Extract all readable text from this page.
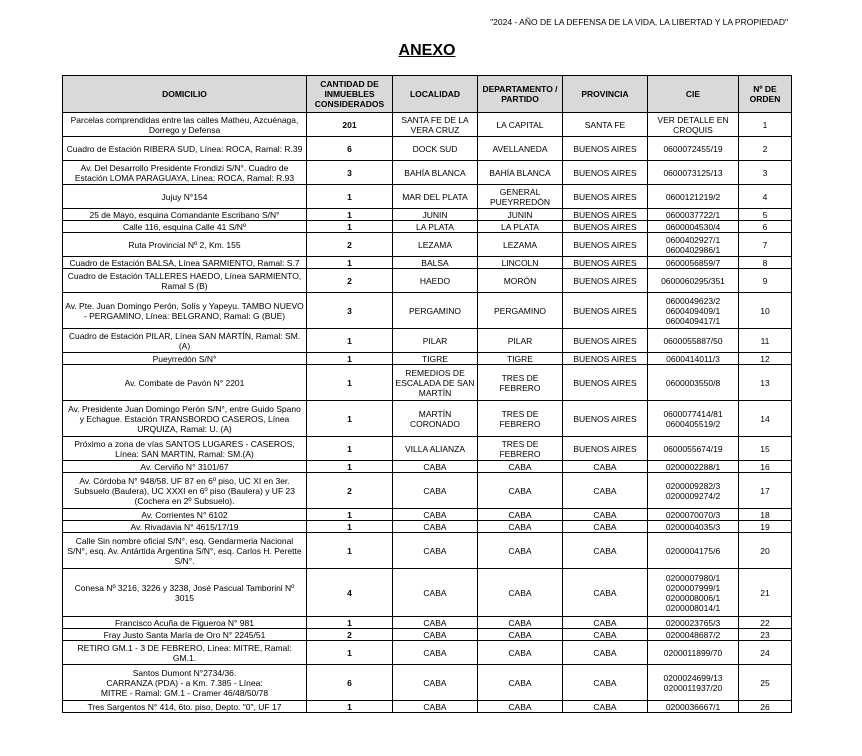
"2024 - AÑO DE LA DEFENSA DE LA VIDA, LA LIBERTAD Y LA PROPIEDAD"
ANEXO
DOMICILIO	CANTIDAD DE INMUEBLES CONSIDERADOS	LOCALIDAD	DEPARTAMENTO / PARTIDO	PROVINCIA	CIE	Nº DE ORDEN
Parcelas comprendidas entre las calles Matheu, Azcuénaga, Dorrego y Defensa	201	SANTA FE DE LA VERA CRUZ	LA CAPITAL	SANTA FE	VER DETALLE EN CROQUIS	1
Cuadro de Estación RIBERA SUD, Línea: ROCA, Ramal: R.39	6	DOCK SUD	AVELLANEDA	BUENOS AIRES	0600072455/19	2
Av. Del Desarrollo Presidente Frondizi S/N°. Cuadro de Estación LOMA PARAGUAYA, Línea: ROCA, Ramal: R.93	3	BAHÍA BLANCA	BAHÍA BLANCA	BUENOS AIRES	0600073125/13	3
Jujuy N°154	1	MAR DEL PLATA	GENERAL PUEYRREDÓN	BUENOS AIRES	0600121219/2	4
25 de Mayo, esquina Comandante Escribano S/N°	1	JUNIN	JUNIN	BUENOS AIRES	0600037722/1	5
Calle 116, esquina Calle 41 S/Nº	1	LA PLATA	LA PLATA	BUENOS AIRES	0600004530/4	6
Ruta Provincial Nº 2, Km. 155	2	LEZAMA	LEZAMA	BUENOS AIRES	0600402927/1
0600402986/1	7
Cuadro de Estación BALSA, Línea SARMIENTO, Ramal: S.7	1	BALSA	LINCOLN	BUENOS AIRES	0600056859/7	8
Cuadro de Estación TALLERES HAEDO, Línea SARMIENTO, Ramal S (B)	2	HAEDO	MORÓN	BUENOS AIRES	0600060295/351	9
Av. Pte. Juan Domingo Perón, Solís y Yapeyu. TAMBO NUEVO - PERGAMINO, Línea: BELGRANO, Ramal: G (BUE)	3	PERGAMINO	PERGAMINO	BUENOS AIRES	0600049623/2
0600409409/1
0600409417/1	10
Cuadro de Estación PILAR, Línea SAN MARTÍN, Ramal: SM.(A)	1	PILAR	PILAR	BUENOS AIRES	0600055887/50	11
Pueyrredón S/N°	1	TIGRE	TIGRE	BUENOS AIRES	0600414011/3	12
Av. Combate de Pavón N° 2201	1	REMEDIOS DE ESCALADA DE SAN MARTÍN	TRES DE FEBRERO	BUENOS AIRES	0600003550/8	13
Av. Presidente Juan Domingo Perón S/N°, entre Guido Spano y Echague. Estación TRANSBORDO CASEROS, Línea URQUIZA, Ramal: U. (A)	1	MARTÍN CORONADO	TRES DE FEBRERO	BUENOS AIRES	0600077414/81
0600405519/2	14
Próximo a zona de vías SANTOS LUGARES - CASEROS, Línea: SAN MARTIN, Ramal: SM.(A)	1	VILLA ALIANZA	TRES DE FEBRERO	BUENOS AIRES	0600055674/19	15
Av. Cerviño N° 3101/67	1	CABA	CABA	CABA	0200002288/1	16
Av. Córdoba N° 948/58. UF 87 en 6º piso, UC XI en 3er. Subsuelo (Baulera), UC XXXI en 6º piso (Baulera) y UF 23 (Cochera en 2º Subsuelo).	2	CABA	CABA	CABA	0200009282/3
0200009274/2	17
Av. Corrientes N° 6102	1	CABA	CABA	CABA	0200070070/3	18
Av. Rivadavia N° 4615/17/19	1	CABA	CABA	CABA	0200004035/3	19
Calle Sin nombre oficial S/N°, esq. Gendarmeria Nacional S/N°, esq. Av. Antártida Argentina S/N°, esq. Carlos H. Perette S/N°.	1	CABA	CABA	CABA	0200004175/6	20
Conesa Nº 3216, 3226 y 3238, José Pascual Tamborini Nº 3015	4	CABA	CABA	CABA	0200007980/1
0200007999/1
0200008006/1
0200008014/1	21
Francisco Acuña de Figueroa N° 981	1	CABA	CABA	CABA	0200023765/3	22
Fray Justo Santa María de Oro N° 2245/51	2	CABA	CABA	CABA	0200048687/2	23
RETIRO GM.1 - 3 DE FEBRERO, Línea: MITRE, Ramal: GM.1.	1	CABA	CABA	CABA	0200011899/70	24
Santos Dumont N°2734/36.
CARRANZA (PDA) - a Km. 7.385 - Línea:
MITRE - Ramal: GM.1 - Cramer 46/48/50/78	6	CABA	CABA	CABA	0200024699/13
0200011937/20	25
Tres Sargentos N° 414, 6to. piso, Depto. "0", UF 17	1	CABA	CABA	CABA	0200036667/1	26
